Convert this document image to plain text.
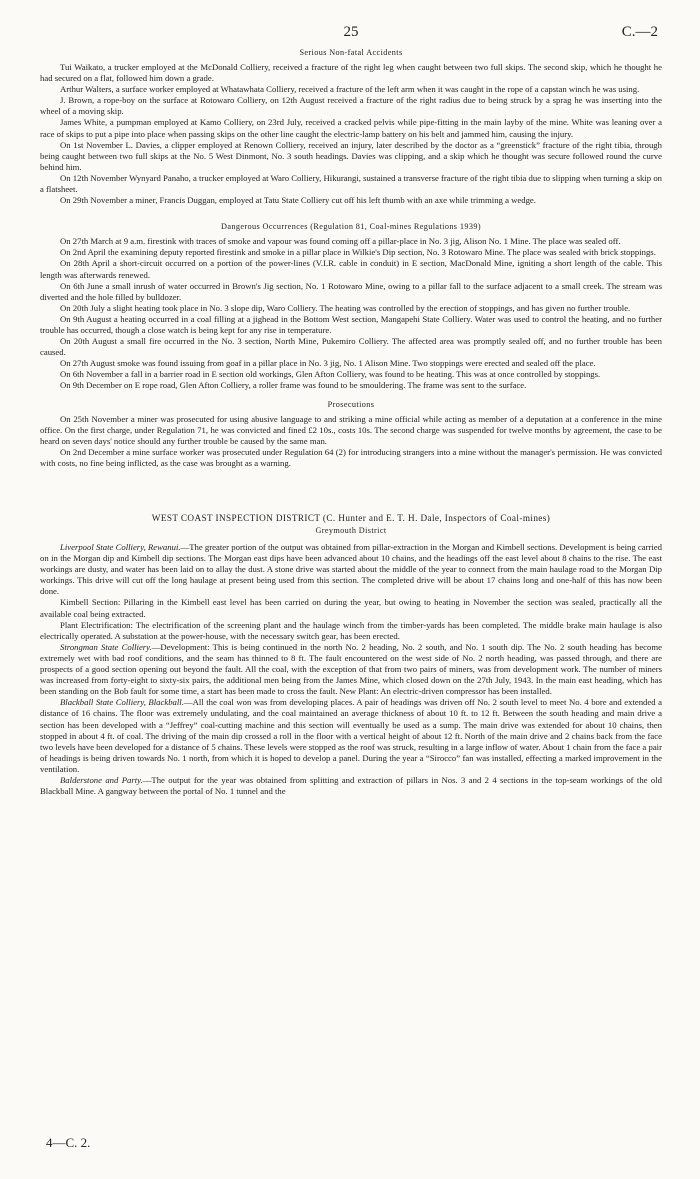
25	C.—2
Serious Non-fatal Accidents

Tui Waikato, a trucker employed at the McDonald Colliery, received a fracture of the right leg when caught between two full skips. The second skip, which he thought he had secured on a flat, followed him down a grade.

Arthur Walters, a surface worker employed at Whatawhata Colliery, received a fracture of the left arm when it was caught in the rope of a capstan winch he was using.

J. Brown, a rope-boy on the surface at Rotowaro Colliery, on 12th August received a fracture of the right radius due to being struck by a sprag he was inserting into the wheel of a moving skip.

James White, a pumpman employed at Kamo Colliery, on 23rd July, received a cracked pelvis while pipe-fitting in the main layby of the mine. White was leaning over a race of skips to put a pipe into place when passing skips on the other line caught the electric-lamp battery on his belt and jammed him, causing the injury.

On 1st November L. Davies, a clipper employed at Renown Colliery, received an injury, later described by the doctor as a “greenstick” fracture of the right tibia, through being caught between two full skips at the No. 5 West Dinmont, No. 3 south headings. Davies was clipping, and a skip which he thought was secure followed round the curve behind him.

On 12th November Wynyard Panaho, a trucker employed at Waro Colliery, Hikurangi, sustained a transverse fracture of the right tibia due to slipping when turning a skip on a flatsheet.

On 29th November a miner, Francis Duggan, employed at Tatu State Colliery cut off his left thumb with an axe while trimming a wedge.

Dangerous Occurrences (Regulation 81, Coal-mines Regulations 1939)

On 27th March at 9 a.m. firestink with traces of smoke and vapour was found coming off a pillar-place in No. 3 jig, Alison No. 1 Mine. The place was sealed off.

On 2nd April the examining deputy reported firestink and smoke in a pillar place in Wilkie's Dip section, No. 3 Rotowaro Mine. The place was sealed with brick stoppings.

On 28th April a short-circuit occurred on a portion of the power-lines (V.I.R. cable in conduit) in E section, MacDonald Mine, igniting a short length of the cable. This length was afterwards renewed.

On 6th June a small inrush of water occurred in Brown's Jig section, No. 1 Rotowaro Mine, owing to a pillar fall to the surface adjacent to a small creek. The stream was diverted and the hole filled by bulldozer.

On 20th July a slight heating took place in No. 3 slope dip, Waro Colliery. The heating was controlled by the erection of stoppings, and has given no further trouble.

On 9th August a heating occurred in a coal filling at a jighead in the Bottom West section, Mangapehi State Colliery. Water was used to control the heating, and no further trouble has occurred, though a close watch is being kept for any rise in temperature.

On 20th August a small fire occurred in the No. 3 section, North Mine, Pukemiro Colliery. The affected area was promptly sealed off, and no further trouble has been caused.

On 27th August smoke was found issuing from goaf in a pillar place in No. 3 jig, No. 1 Alison Mine. Two stoppings were erected and sealed off the place.

On 6th November a fall in a barrier road in E section old workings, Glen Afton Colliery, was found to be heating. This was at once controlled by stoppings.

On 9th December on E rope road, Glen Afton Colliery, a roller frame was found to be smouldering. The frame was sent to the surface.

Prosecutions

On 25th November a miner was prosecuted for using abusive language to and striking a mine official while acting as member of a deputation at a conference in the mine office. On the first charge, under Regulation 71, he was convicted and fined £2 10s., costs 10s. The second charge was suspended for twelve months by agreement, the case to be heard on seven days' notice should any further trouble be caused by the same man.

On 2nd December a mine surface worker was prosecuted under Regulation 64 (2) for introducing strangers into a mine without the manager's permission. He was convicted with costs, no fine being inflicted, as the case was brought as a warning.

WEST COAST INSPECTION DISTRICT (C. Hunter and E. T. H. Dale, Inspectors of Coal-mines)
Greymouth District

Liverpool State Colliery, Rewanui.—The greater portion of the output was obtained from pillar-extraction in the Morgan and Kimbell sections. Development is being carried on in the Morgan dip and Kimbell dip sections. The Morgan east dips have been advanced about 10 chains, and the headings off the east level about 8 chains to the rise. The east workings are dusty, and water has been laid on to allay the dust. A stone drive was started about the middle of the year to connect from the main haulage road to the Morgan Dip workings. This drive will cut off the long haulage at present being used from this section. The completed drive will be about 17 chains long and one-half of this has now been done.

Kimbell Section: Pillaring in the Kimbell east level has been carried on during the year, but owing to heating in November the section was sealed, practically all the available coal being extracted.

Plant Electrification: The electrification of the screening plant and the haulage winch from the timber-yards has been completed. The middle brake main haulage is also electrically operated. A substation at the power-house, with the necessary switch gear, has been erected.

Strongman State Colliery.—Development: This is being continued in the north No. 2 heading, No. 2 south, and No. 1 south dip. The No. 2 south heading has become extremely wet with bad roof conditions, and the seam has thinned to 8 ft. The fault encountered on the west side of No. 2 north heading, was passed through, and there are prospects of a good section opening out beyond the fault. All the coal, with the exception of that from two pairs of miners, was from development work. The number of miners was increased from forty-eight to sixty-six pairs, the additional men being from the James Mine, which closed down on the 27th July, 1943. In the main east heading, which has been standing on the Bob fault for some time, a start has been made to cross the fault. New Plant: An electric-driven compressor has been installed.

Blackball State Colliery, Blackball.—All the coal won was from developing places. A pair of headings was driven off No. 2 south level to meet No. 4 bore and extended a distance of 16 chains. The floor was extremely undulating, and the coal maintained an average thickness of about 10 ft. to 12 ft. Between the south heading and main drive a section has been developed with a “Jeffrey” coal-cutting machine and this section will eventually be used as a sump. The main drive was extended for about 10 chains, then stopped in about 4 ft. of coal. The driving of the main dip crossed a roll in the floor with a vertical height of about 12 ft. North of the main drive and 2 chains back from the face two levels have been developed for a distance of 5 chains. These levels were stopped as the roof was struck, resulting in a large inflow of water. About 1 chain from the face a pair of headings is being driven towards No. 1 north, from which it is hoped to develop a panel. During the year a “Sirocco” fan was installed, effecting a marked improvement in the ventilation.

Balderstone and Party.—The output for the year was obtained from splitting and extraction of pillars in Nos. 3 and 2 4 sections in the top-seam workings of the old Blackball Mine. A gangway between the portal of No. 1 tunnel and the

4—C. 2.
